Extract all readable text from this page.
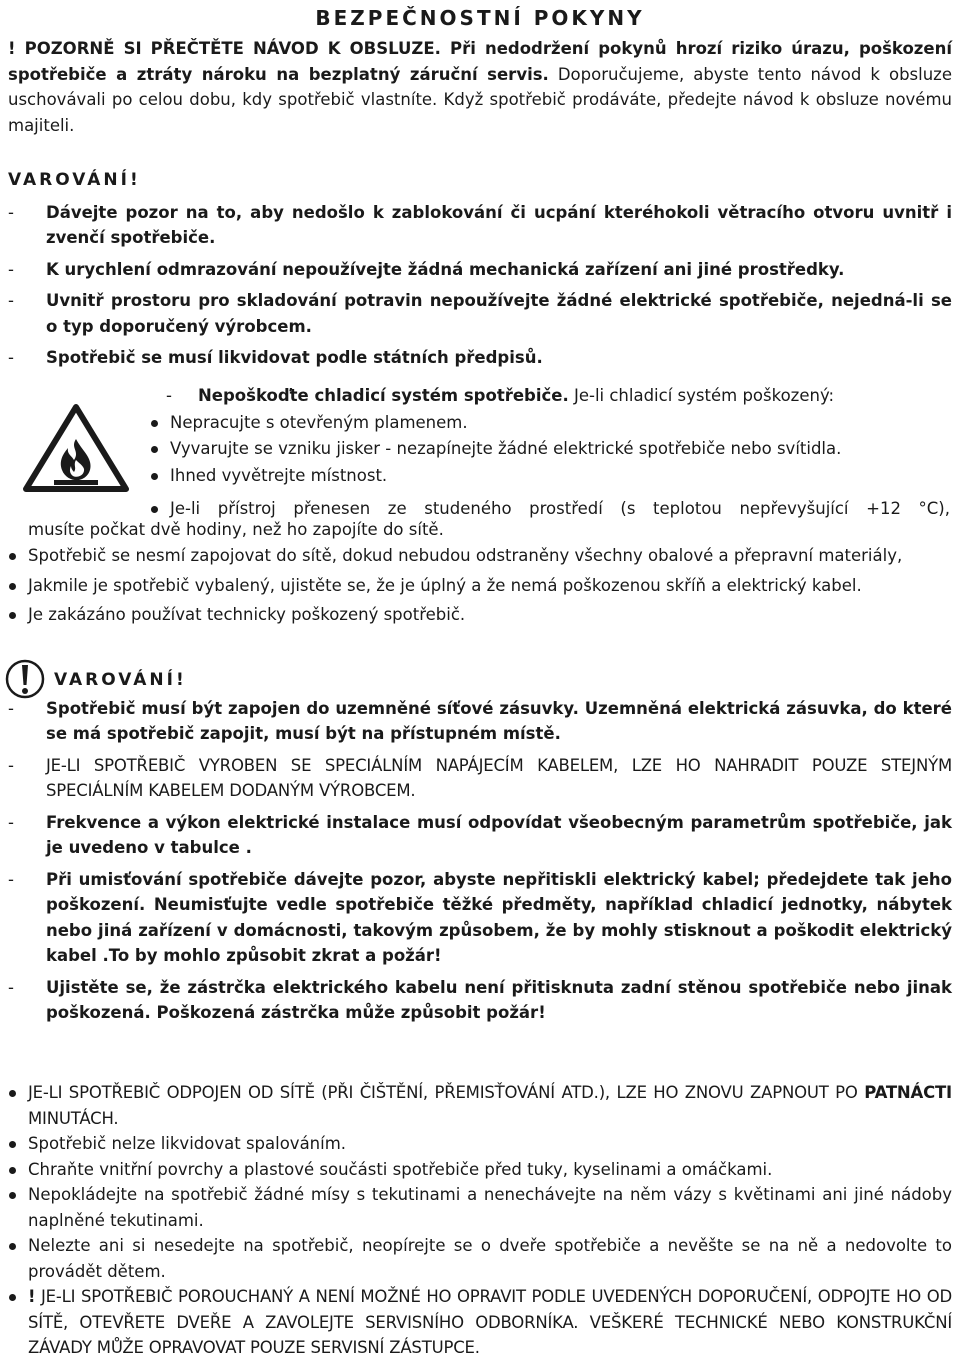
BEZPEČNOSTNÍ POKYNY

! POZORNĚ SI PŘEČTĚTE NÁVOD K OBSLUZE. Při nedodržení pokynů hrozí riziko úrazu, poškození spotřebiče a ztráty nároku na bezplatný záruční servis. Doporučujeme, abyste tento návod k obsluze uschovávali po celou dobu, kdy spotřebič vlastníte. Když spotřebič prodáváte, předejte návod k obsluze novému majiteli.

VAROVÁNÍ!

- Dávejte pozor na to, aby nedošlo k zablokování či ucpání kteréhokoli větracího otvoru uvnitř i zvenčí spotřebiče.

- K urychlení odmrazování nepoužívejte žádná mechanická zařízení ani jiné prostředky.

- Uvnitř prostoru pro skladování potravin nepoužívejte žádné elektrické spotřebiče, nejedná-li se o typ doporučený výrobcem.

- Spotřebič se musí likvidovat podle státních předpisů.

- Nepoškoďte chladicí systém spotřebiče. Je-li chladicí systém poškozený:

Nepracujte s otevřeným plamenem.

Vyvarujte se vzniku jisker - nezapínejte žádné elektrické spotřebiče nebo svítidla.

Ihned vyvětrejte místnost.

Je-li přístroj přenesen ze studeného prostředí (s teplotou nepřevyšující +12 °C),

musíte počkat dvě hodiny, než ho zapojíte do sítě.

Spotřebič se nesmí zapojovat do sítě, dokud nebudou odstraněny všechny obalové a přepravní materiály,

Jakmile je spotřebič vybalený, ujistěte se, že je úplný a že nemá poškozenou skříň a elektrický kabel.

Je zakázáno používat technicky poškozený spotřebič.

VAROVÁNÍ!

- Spotřebič musí být zapojen do uzemněné síťové zásuvky. Uzemněná elektrická zásuvka, do které se má spotřebič zapojit, musí být na přístupném místě.

- JE-LI SPOTŘEBIČ VYROBEN SE SPECIÁLNÍM NAPÁJECÍM KABELEM, LZE HO NAHRADIT POUZE STEJNÝM SPECIÁLNÍM KABELEM DODANÝM VÝROBCEM.

- Frekvence a výkon elektrické instalace musí odpovídat všeobecným parametrům spotřebiče, jak je uvedeno v tabulce .

- Při umisťování spotřebiče dávejte pozor, abyste nepřitiskli elektrický kabel; předejdete tak jeho poškození. Neumisťujte vedle spotřebiče těžké předměty, například chladicí jednotky, nábytek nebo jiná zařízení v domácnosti, takovým způsobem, že by mohly stisknout a poškodit elektrický kabel .To by mohlo způsobit zkrat a požár!

- Ujistěte se, že zástrčka elektrického kabelu není přitisknuta zadní stěnou spotřebiče nebo jinak poškozená. Poškozená zástrčka může způsobit požár!

JE-LI SPOTŘEBIČ ODPOJEN OD SÍTĚ (PŘI ČIŠTĚNÍ, PŘEMISŤOVÁNÍ ATD.), LZE HO ZNOVU ZAPNOUT PO PATNÁCTI MINUTÁCH.

Spotřebič nelze likvidovat spalováním.

Chraňte vnitřní povrchy a plastové součásti spotřebiče před tuky, kyselinami a omáčkami.

Nepokládejte na spotřebič žádné mísy s tekutinami a nenechávejte na něm vázy s květinami ani jiné nádoby naplněné tekutinami.

Nelezte ani si nesedejte na spotřebič, neopírejte se o dveře spotřebiče a nevěšte se na ně a nedovolte to provádět dětem.

! JE-LI SPOTŘEBIČ POROUCHANÝ A NENÍ MOŽNÉ HO OPRAVIT PODLE UVEDENÝCH DOPORUČENÍ, ODPOJTE HO OD SÍTĚ, OTEVŘETE DVEŘE A ZAVOLEJTE SERVISNÍHO ODBORNÍKA. VEŠKERÉ TECHNICKÉ NEBO KONSTRUKČNÍ ZÁVADY MŮŽE OPRAVOVAT POUZE SERVISNÍ ZÁSTUPCE.
